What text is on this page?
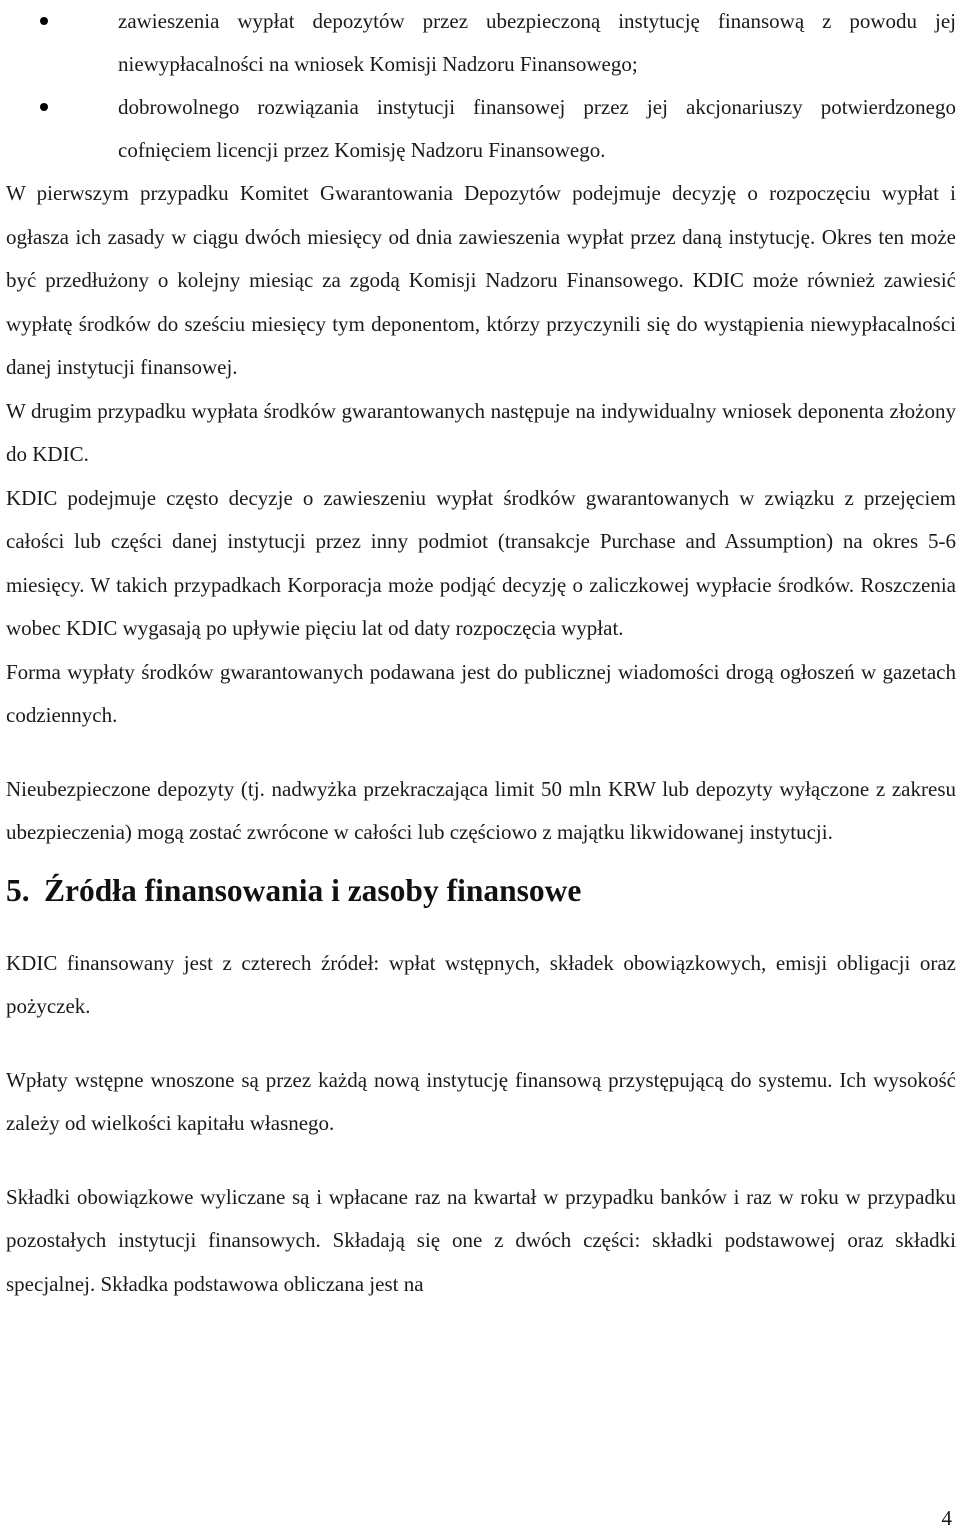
zawieszenia wypłat depozytów przez ubezpieczoną instytucję finansową z powodu jej niewypłacalności na wniosek Komisji Nadzoru Finansowego;
dobrowolnego rozwiązania instytucji finansowej przez jej akcjonariuszy potwierdzonego cofnięciem licencji przez Komisję Nadzoru Finansowego.

W pierwszym przypadku Komitet Gwarantowania Depozytów podejmuje decyzję o rozpoczęciu wypłat i ogłasza ich zasady w ciągu dwóch miesięcy od dnia zawieszenia wypłat przez daną instytucję. Okres ten może być przedłużony o kolejny miesiąc za zgodą Komisji Nadzoru Finansowego. KDIC może również zawiesić wypłatę środków do sześciu miesięcy tym deponentom, którzy przyczynili się do wystąpienia niewypłacalności danej instytucji finansowej.

W drugim przypadku wypłata środków gwarantowanych następuje na indywidualny wniosek deponenta złożony do KDIC.

KDIC podejmuje często decyzje o zawieszeniu wypłat środków gwarantowanych w związku z przejęciem całości lub części danej instytucji przez inny podmiot (transakcje Purchase and Assumption) na okres 5-6 miesięcy. W takich przypadkach Korporacja może podjąć decyzję o zaliczkowej wypłacie środków. Roszczenia wobec KDIC wygasają po upływie pięciu lat od daty rozpoczęcia wypłat.

Forma wypłaty środków gwarantowanych podawana jest do publicznej wiadomości drogą ogłoszeń w gazetach codziennych.

Nieubezpieczone depozyty (tj. nadwyżka przekraczająca limit 50 mln KRW lub depozyty wyłączone z zakresu ubezpieczenia) mogą zostać zwrócone w całości lub częściowo z majątku likwidowanej instytucji.

5. Źródła finansowania i zasoby finansowe

KDIC finansowany jest z czterech źródeł: wpłat wstępnych, składek obowiązkowych, emisji obligacji oraz pożyczek.

Wpłaty wstępne wnoszone są przez każdą nową instytucję finansową przystępującą do systemu. Ich wysokość zależy od wielkości kapitału własnego.

Składki obowiązkowe wyliczane są i wpłacane raz na kwartał w przypadku banków i raz w roku w przypadku pozostałych instytucji finansowych. Składają się one z dwóch części: składki podstawowej oraz składki specjalnej. Składka podstawowa obliczana jest na

4
